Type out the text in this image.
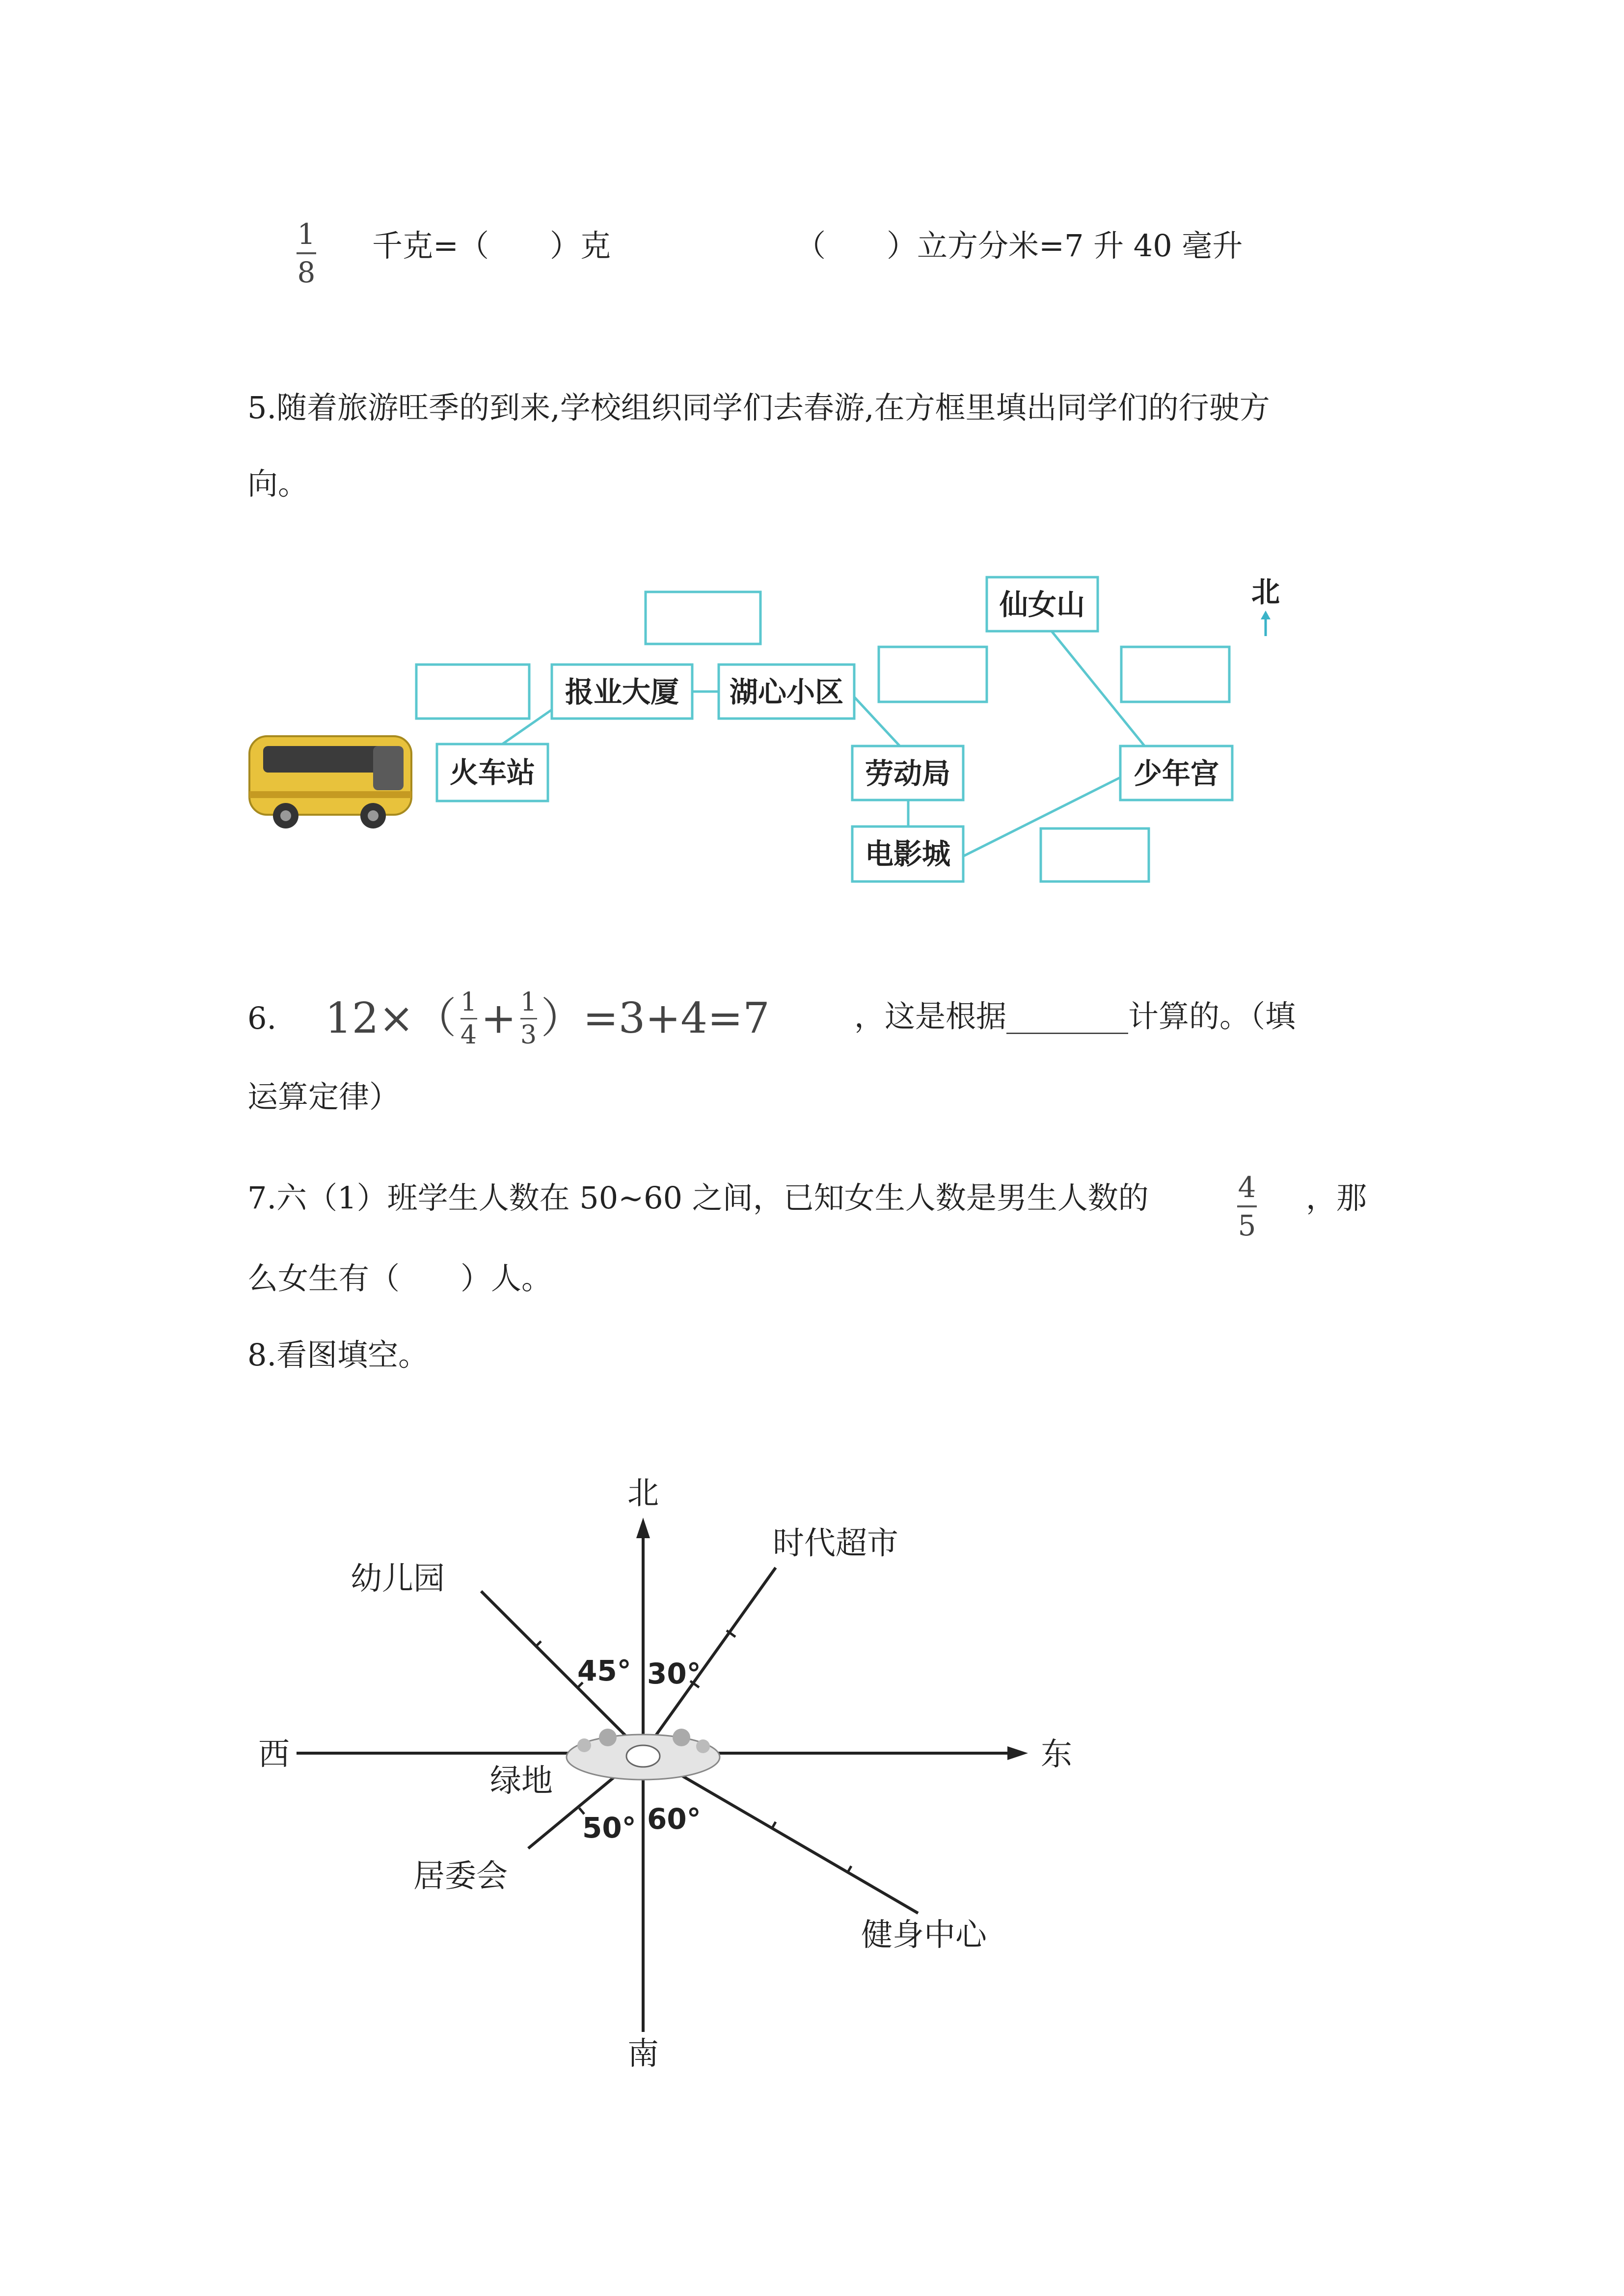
1
8
千克=（　　）克	（　　）立方分米=7 升 40 毫升
5.随着旅游旺季的到来,学校组织同学们去春游,在方框里填出同学们的行驶方
向。
报业大厦 湖心小区
火车站	劳动局
电影城
仙女山
少年宫
北
6. $12\times( \frac{1}{4} + \frac{1}{3} )=3+4=7$	，这是根据________计算的。（填
运算定律）
7.六（1）班学生人数在 50~60 之间，已知女生人数是男生人数的	4
5
，那
么女生有（　　）人。
8.看图填空。
北
南
东
西
绿地
时代超市
幼儿园
居委会
健身中心
45° 30°
50° 60°
